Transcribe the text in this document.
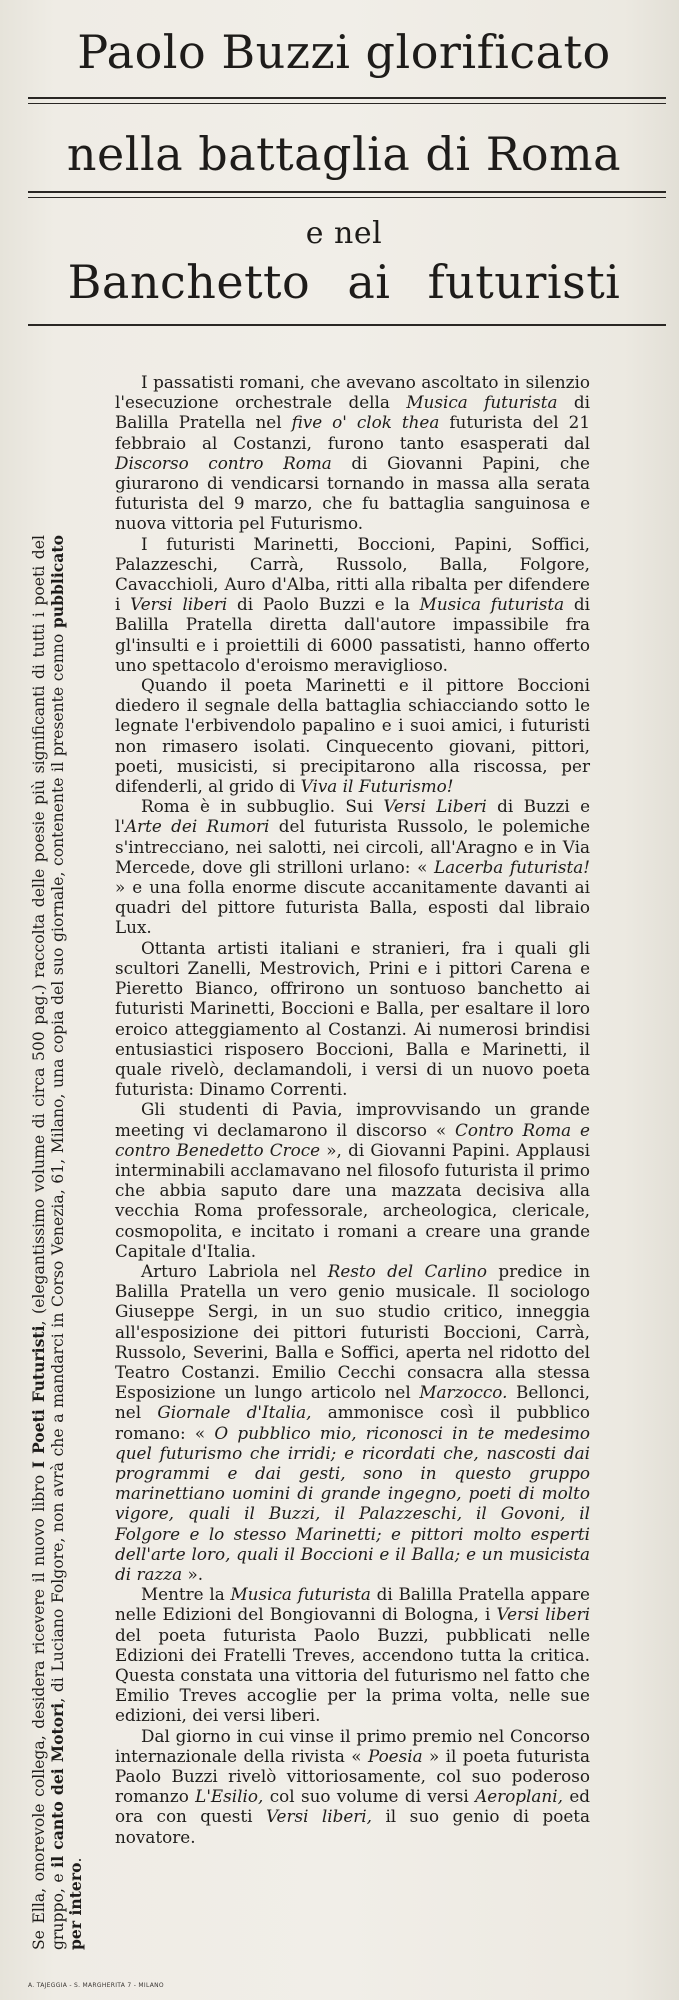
Paolo Buzzi glorificato
nella battaglia di Roma
e nel
Banchetto ai futuristi
Se Ella, onorevole collega, desidera ricevere il nuovo libro I Poeti Futuristi, (elegantissimo volume di circa 500 pag.) raccolta delle poesie più significanti di tutti i poeti del gruppo, e il canto dei Motori, di Luciano Folgore, non avrà che a mandarci in Corso Venezia, 61, Milano, una copia del suo giornale, contenente il presente cenno pubblicato per intero.

I passatisti romani, che avevano ascoltato in silenzio l'esecuzione orchestrale della Musica futurista di Balilla Pratella nel five o' clok thea futurista del 21 febbraio al Costanzi, furono tanto esasperati dal Discorso contro Roma di Giovanni Papini, che giurarono di vendicarsi tornando in massa alla serata futurista del 9 marzo, che fu battaglia sanguinosa e nuova vittoria pel Futurismo.

I futuristi Marinetti, Boccioni, Papini, Soffici, Palazzeschi, Carrà, Russolo, Balla, Folgore, Cavacchioli, Auro d'Alba, ritti alla ribalta per difendere i Versi liberi di Paolo Buzzi e la Musica futurista di Balilla Pratella diretta dall'autore impassibile fra gl'insulti e i proiettili di 6000 passatisti, hanno offerto uno spettacolo d'eroismo meraviglioso.

Quando il poeta Marinetti e il pittore Boccioni diedero il segnale della battaglia schiacciando sotto le legnate l'erbivendolo papalino e i suoi amici, i futuristi non rimasero isolati. Cinquecento giovani, pittori, poeti, musicisti, si precipitarono alla riscossa, per difenderli, al grido di Viva il Futurismo!

Roma è in subbuglio. Sui Versi Liberi di Buzzi e l'Arte dei Rumori del futurista Russolo, le polemiche s'intrecciano, nei salotti, nei circoli, all'Aragno e in Via Mercede, dove gli strilloni urlano: « Lacerba futurista! » e una folla enorme discute accanitamente davanti ai quadri del pittore futurista Balla, esposti dal libraio Lux.

Ottanta artisti italiani e stranieri, fra i quali gli scultori Zanelli, Mestrovich, Prini e i pittori Carena e Pieretto Bianco, offrirono un sontuoso banchetto ai futuristi Marinetti, Boccioni e Balla, per esaltare il loro eroico atteggiamento al Costanzi. Ai numerosi brindisi entusiastici risposero Boccioni, Balla e Marinetti, il quale rivelò, declamandoli, i versi di un nuovo poeta futurista: Dinamo Correnti.

Gli studenti di Pavia, improvvisando un grande meeting vi declamarono il discorso « Contro Roma e contro Benedetto Croce », di Giovanni Papini. Applausi interminabili acclamavano nel filosofo futurista il primo che abbia saputo dare una mazzata decisiva alla vecchia Roma professorale, archeologica, clericale, cosmopolita, e incitato i romani a creare una grande Capitale d'Italia.

Arturo Labriola nel Resto del Carlino predice in Balilla Pratella un vero genio musicale. Il sociologo Giuseppe Sergi, in un suo studio critico, inneggia all'esposizione dei pittori futuristi Boccioni, Carrà, Russolo, Severini, Balla e Soffici, aperta nel ridotto del Teatro Costanzi. Emilio Cecchi consacra alla stessa Esposizione un lungo articolo nel Marzocco. Bellonci, nel Giornale d'Italia, ammonisce così il pubblico romano: « O pubblico mio, riconosci in te medesimo quel futurismo che irridi; e ricordati che, nascosti dai programmi e dai gesti, sono in questo gruppo marinettiano uomini di grande ingegno, poeti di molto vigore, quali il Buzzi, il Palazzeschi, il Govoni, il Folgore e lo stesso Marinetti; e pittori molto esperti dell'arte loro, quali il Boccioni e il Balla; e un musicista di razza ».

Mentre la Musica futurista di Balilla Pratella appare nelle Edizioni del Bongiovanni di Bologna, i Versi liberi del poeta futurista Paolo Buzzi, pubblicati nelle Edizioni dei Fratelli Treves, accendono tutta la critica. Questa constata una vittoria del futurismo nel fatto che Emilio Treves accoglie per la prima volta, nelle sue edizioni, dei versi liberi.

Dal giorno in cui vinse il primo premio nel Concorso internazionale della rivista « Poesia » il poeta futurista Paolo Buzzi rivelò vittoriosamente, col suo poderoso romanzo L'Esilio, col suo volume di versi Aeroplani, ed ora con questi Versi liberi, il suo genio di poeta novatore.

A. TAJEGGIA - S. MARGHERITA 7 - MILANO
